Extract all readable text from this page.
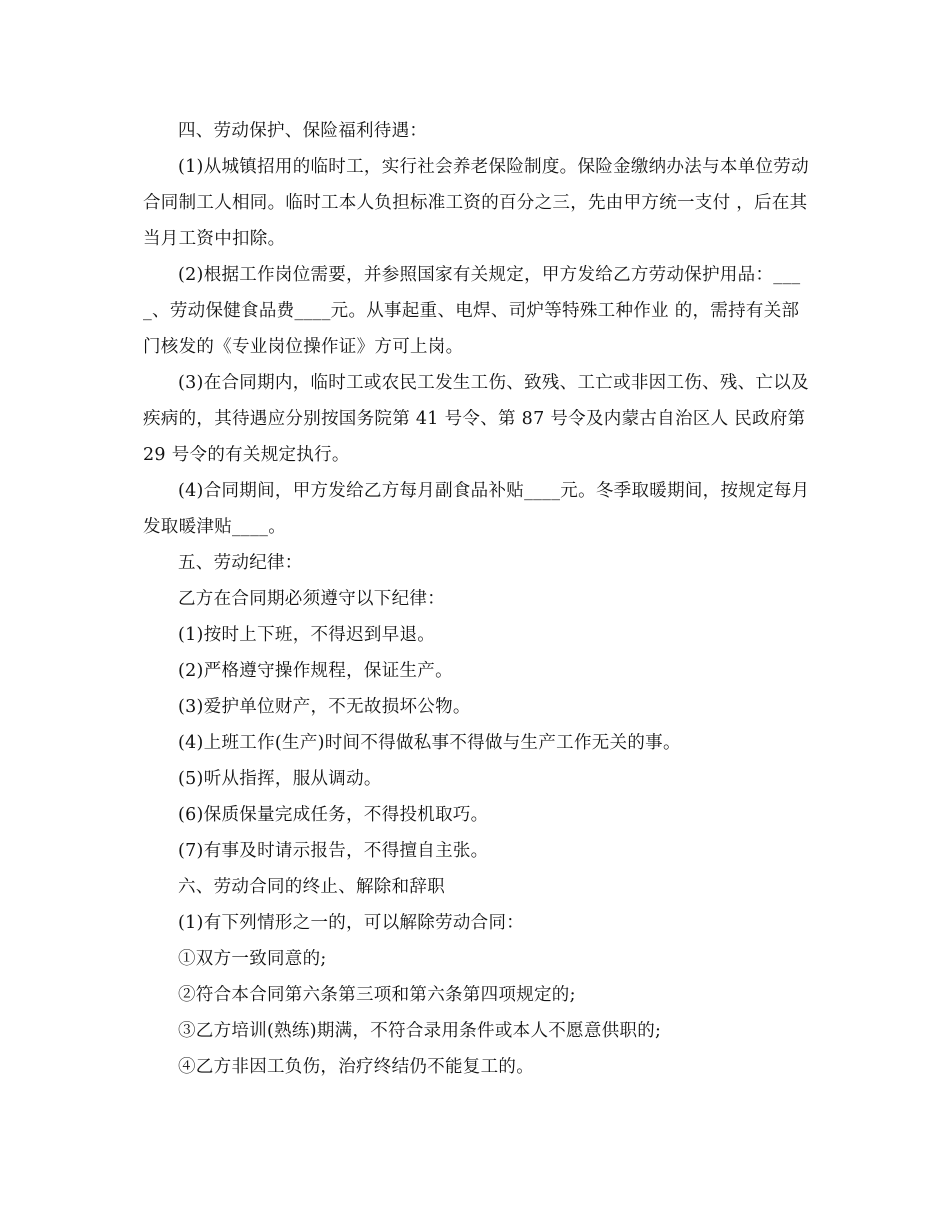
四、劳动保护、保险福利待遇：

(1)从城镇招用的临时工，实行社会养老保险制度。保险金缴纳办法与本单位劳动合同制工人相同。临时工本人负担标准工资的百分之三，先由甲方统一支付 ，后在其当月工资中扣除。

(2)根据工作岗位需要，并参照国家有关规定，甲方发给乙方劳动保护用品：____、劳动保健食品费____元。从事起重、电焊、司炉等特殊工种作业 的，需持有关部门核发的《专业岗位操作证》方可上岗。

(3)在合同期内，临时工或农民工发生工伤、致残、工亡或非因工伤、残、亡以及疾病的，其待遇应分别按国务院第 41 号令、第 87 号令及内蒙古自治区人 民政府第 29 号令的有关规定执行。

(4)合同期间，甲方发给乙方每月副食品补贴____元。冬季取暖期间，按规定每月发取暖津贴____。

五、劳动纪律：

乙方在合同期必须遵守以下纪律：

(1)按时上下班，不得迟到早退。

(2)严格遵守操作规程，保证生产。

(3)爱护单位财产，不无故损坏公物。

(4)上班工作(生产)时间不得做私事不得做与生产工作无关的事。

(5)听从指挥，服从调动。

(6)保质保量完成任务，不得投机取巧。

(7)有事及时请示报告，不得擅自主张。

六、劳动合同的终止、解除和辞职

(1)有下列情形之一的，可以解除劳动合同：

①双方一致同意的;

②符合本合同第六条第三项和第六条第四项规定的;

③乙方培训(熟练)期满，不符合录用条件或本人不愿意供职的;

④乙方非因工负伤，治疗终结仍不能复工的。
